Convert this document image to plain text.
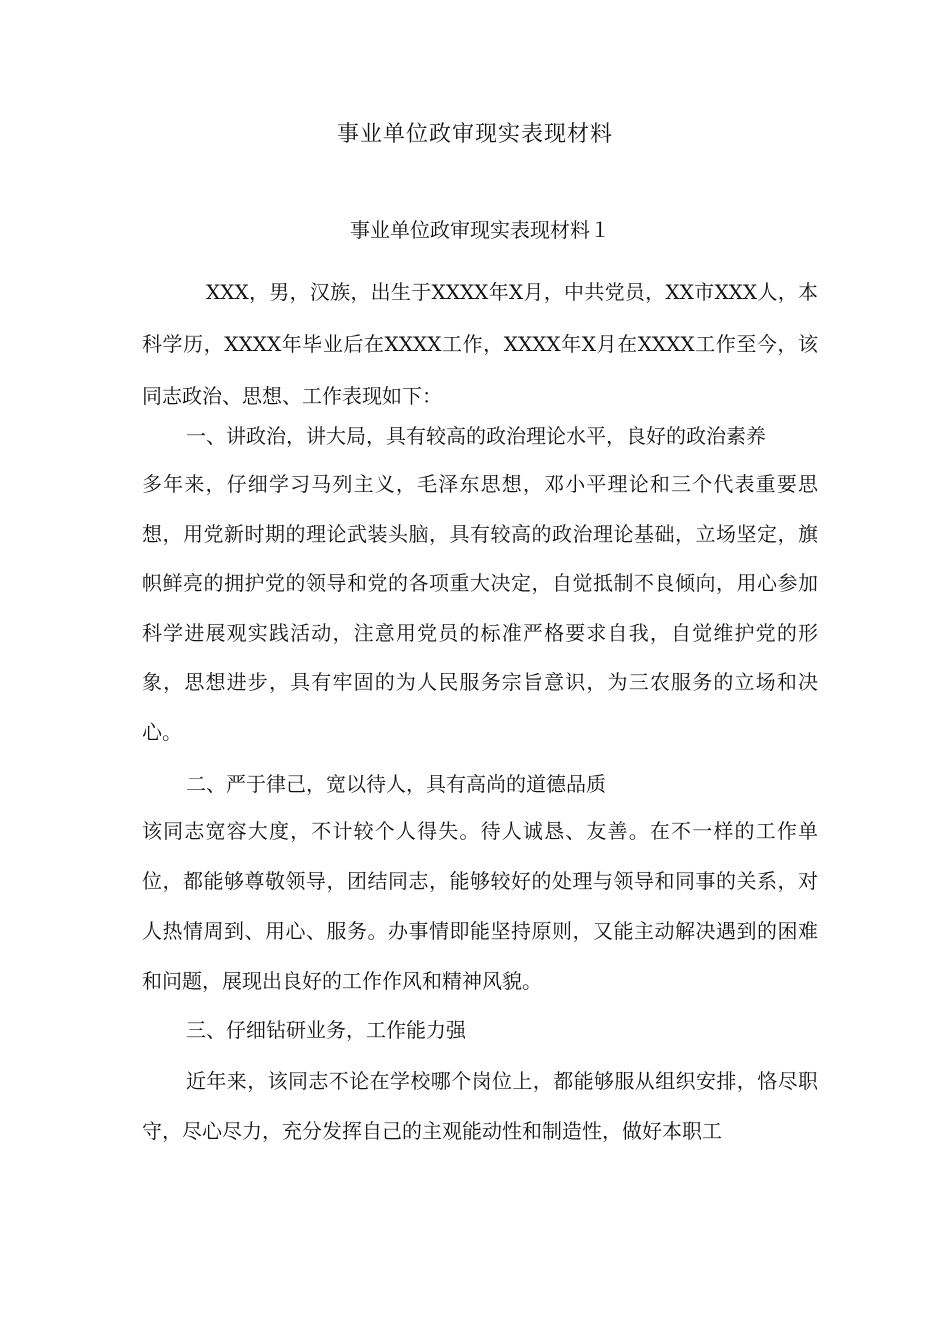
事业单位政审现实表现材料
事业单位政审现实表现材料１

XXX，男，汉族，出生于XXXX年X月，中共党员，XX市XXX人，本科学历，XXXX年毕业后在XXXX工作，XXXX年X月在XXXX工作至今，该同志政治、思想、工作表现如下：

一、讲政治，讲大局，具有较高的政治理论水平，良好的政治素养

多年来，仔细学习马列主义，毛泽东思想，邓小平理论和三个代表重要思想，用党新时期的理论武装头脑，具有较高的政治理论基础，立场坚定，旗帜鲜亮的拥护党的领导和党的各项重大决定，自觉抵制不良倾向，用心参加科学进展观实践活动，注意用党员的标准严格要求自我，自觉维护党的形象，思想进步，具有牢固的为人民服务宗旨意识，为三农服务的立场和决心。

二、严于律己，宽以待人，具有高尚的道德品质

该同志宽容大度，不计较个人得失。待人诚恳、友善。在不一样的工作单位，都能够尊敬领导，团结同志，能够较好的处理与领导和同事的关系，对人热情周到、用心、服务。办事情即能坚持原则，又能主动解决遇到的困难和问题，展现出良好的工作作风和精神风貌。

三、仔细钻研业务，工作能力强

近年来，该同志不论在学校哪个岗位上，都能够服从组织安排，恪尽职守，尽心尽力，充分发挥自己的主观能动性和制造性，做好本职工
